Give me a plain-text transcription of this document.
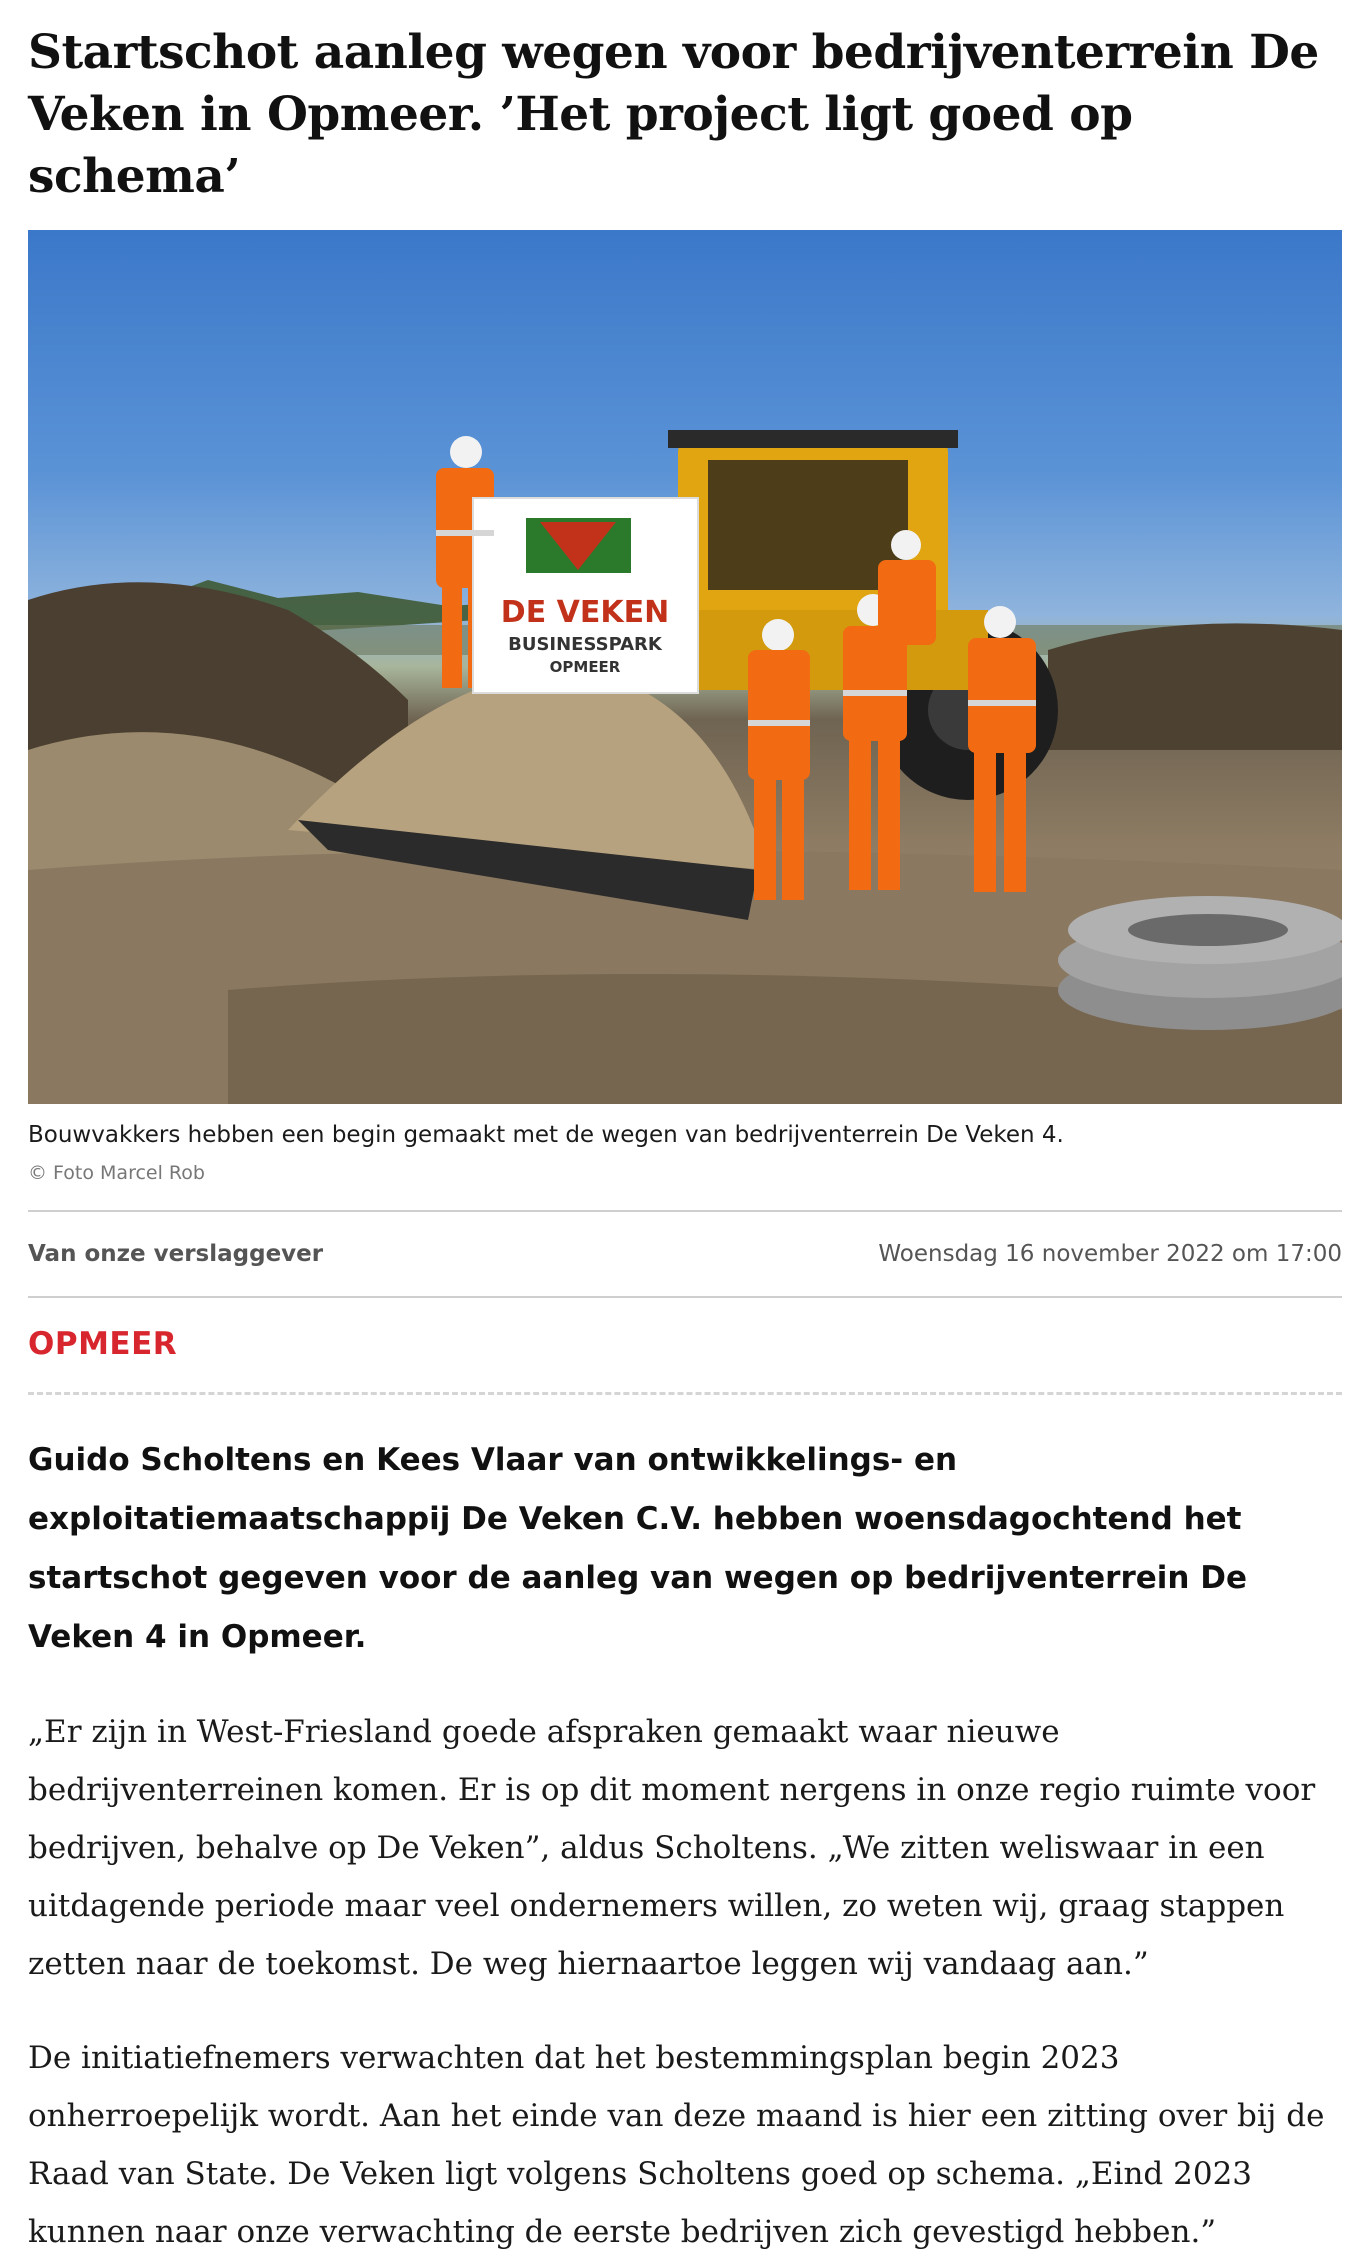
Startschot aanleg wegen voor bedrijventerrein De Veken in Opmeer. ’Het project ligt goed op schema’
DE VEKEN
BUSINESSPARK
OPMEER
Bouwvakkers hebben een begin gemaakt met de wegen van bedrijventerrein De Veken 4.
© Foto Marcel Rob
Van onze verslaggever	Woensdag 16 november 2022 om 17:00
OPMEER

Guido Scholtens en Kees Vlaar van ontwikkelings- en exploitatiemaatschappij De Veken C.V. hebben woensdagochtend het startschot gegeven voor de aanleg van wegen op bedrijventerrein De Veken 4 in Opmeer.

„Er zijn in West-Friesland goede afspraken gemaakt waar nieuwe bedrijventerreinen komen. Er is op dit moment nergens in onze regio ruimte voor bedrijven, behalve op De Veken”, aldus Scholtens. „We zitten weliswaar in een uitdagende periode maar veel ondernemers willen, zo weten wij, graag stappen zetten naar de toekomst. De weg hiernaartoe leggen wij vandaag aan.”

De initiatiefnemers verwachten dat het bestemmingsplan begin 2023 onherroepelijk wordt. Aan het einde van deze maand is hier een zitting over bij de Raad van State. De Veken ligt volgens Scholtens goed op schema. „Eind 2023 kunnen naar onze verwachting de eerste bedrijven zich gevestigd hebben.”
